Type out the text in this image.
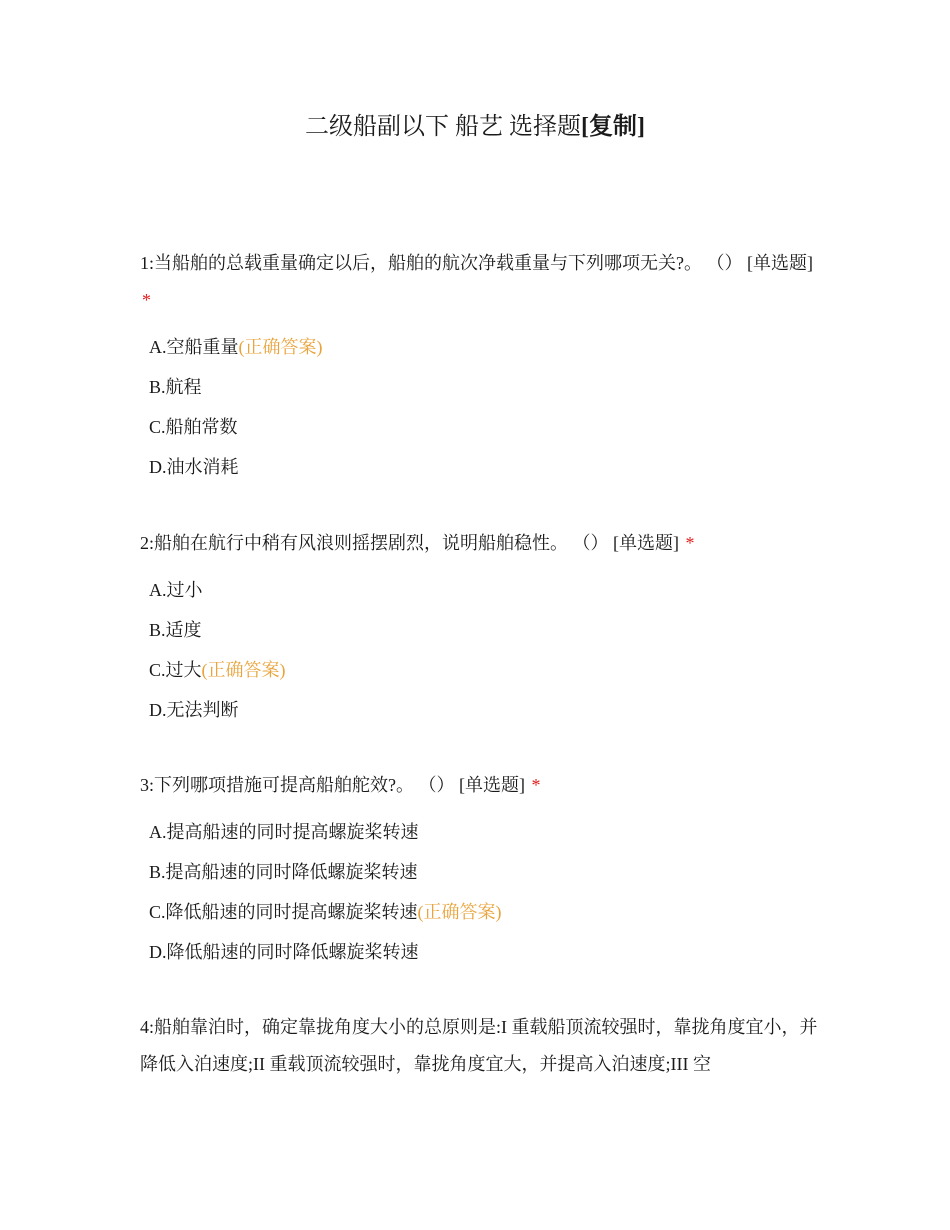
二级船副以下 船艺 选择题[复制]

1:当船舶的总载重量确定以后，船舶的航次净载重量与下列哪项无关?。 （） [单选题] *

A.空船重量(正确答案)
B.航程
C.船舶常数
D.油水消耗

2:船舶在航行中稍有风浪则摇摆剧烈，说明船舶稳性。 （） [单选题] *

A.过小
B.适度
C.过大(正确答案)
D.无法判断

3:下列哪项措施可提高船舶舵效?。 （） [单选题] *

A.提高船速的同时提高螺旋桨转速
B.提高船速的同时降低螺旋桨转速
C.降低船速的同时提高螺旋桨转速(正确答案)
D.降低船速的同时降低螺旋桨转速

4:船舶靠泊时，确定靠拢角度大小的总原则是:I 重载船顶流较强时，靠拢角度宜小，并降低入泊速度;II 重载顶流较强时，靠拢角度宜大，并提高入泊速度;III 空
